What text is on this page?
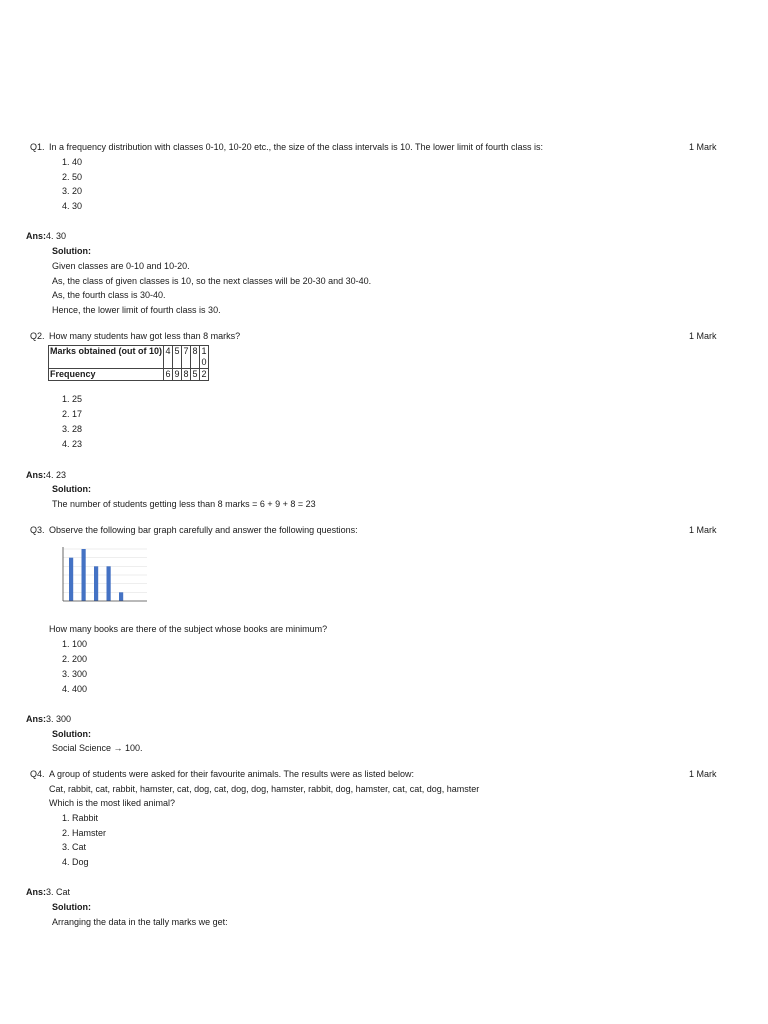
Q1. In a frequency distribution with classes 0-10, 10-20 etc., the size of the class intervals is 10. The lower limit of fourth class is:	1 Mark
1. 40
2. 50
3. 20
4. 30
Ans: 4. 30
Solution:
Given classes are 0-10 and 10-20.
As, the class of given classes is 10, so the next classes will be 20-30 and 30-40.
As, the fourth class is 30-40.
Hence, the lower limit of fourth class is 30.
Q2. How many students haw got less than 8 marks?	1 Mark
Marks obtained (out of 10)	4	5	7	8	10
Frequency	6	9	8	5	2
1. 25
2. 17
3. 28
4. 23
Ans: 4. 23
Solution:
The number of students getting less than 8 marks = 6 + 9 + 8 = 23
Q3. Observe the following bar graph carefully and answer the following questions:	1 Mark
How many books are there of the subject whose books are minimum?
1. 100
2. 200
3. 300
4. 400
Ans: 3. 300
Solution:
Social Science → 100.
Q4. A group of students were asked for their favourite animals. The results were as listed below:	1 Mark
Cat, rabbit, cat, rabbit, hamster, cat, dog, cat, dog, dog, hamster, rabbit, dog, hamster, cat, cat, dog, hamster
Which is the most liked animal?
1. Rabbit
2. Hamster
3. Cat
4. Dog
Ans: 3. Cat
Solution:
Arranging the data in the tally marks we get:
